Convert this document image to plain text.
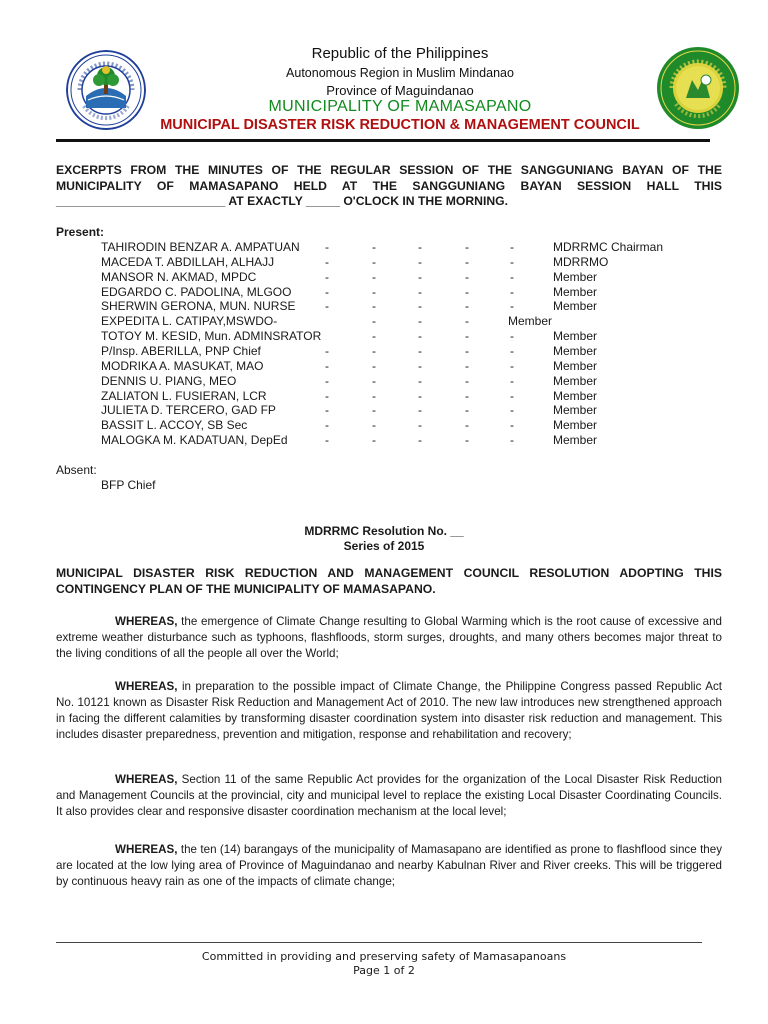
Republic of the Philippines
Autonomous Region in Muslim Mindanao
Province of Maguindanao
MUNICIPALITY OF MAMASAPANO
MUNICIPAL DISASTER RISK REDUCTION & MANAGEMENT COUNCIL
EXCERPTS FROM THE MINUTES OF THE REGULAR SESSION OF THE SANGGUNIANG BAYAN OF THE MUNICIPALITY OF MAMASAPANO HELD AT THE SANGGUNIANG BAYAN SESSION HALL THIS _________________________ AT EXACTLY _____ O'CLOCK IN THE MORNING.
Present:
TAHIRODIN BENZAR A. AMPATUAN -	-	-	-	-	MDRRMC Chairman
MACEDA T. ABDILLAH, ALHAJJ	-	-	-	-	-	MDRRMO
MANSOR N. AKMAD, MPDC	-	-	-	-	-	Member
EDGARDO C. PADOLINA, MLGOO	-	-	-	-	-	Member
SHERWIN GERONA, MUN. NURSE -	-	-	-	-	Member
EXPEDITA L. CATIPAY,MSWDO-	-	-	-	Member
TOTOY M. KESID, Mun. ADMINSRATOR	-	-	-	-	Member
P/Insp. ABERILLA, PNP Chief	-	-	-	-	-	Member
MODRIKA A. MASUKAT, MAO	-	-	-	-	-	Member
DENNIS U. PIANG, MEO	-	-	-	-	-	Member
ZALIATON L. FUSIERAN, LCR	-	-	-	-	-	Member
JULIETA D. TERCERO, GAD FP	-	-	-	-	-	Member
BASSIT L. ACCOY, SB Sec	-	-	-	-	-	Member
MALOGKA M. KADATUAN, DepEd	-	-	-	-	-	Member
Absent:
BFP Chief
MDRRMC Resolution No. __
Series of 2015
MUNICIPAL DISASTER RISK REDUCTION AND MANAGEMENT COUNCIL RESOLUTION ADOPTING THIS CONTINGENCY PLAN OF THE MUNICIPALITY OF MAMASAPANO.
WHEREAS, the emergence of Climate Change resulting to Global Warming which is the root cause of excessive and extreme weather disturbance such as typhoons, flashfloods, storm surges, droughts, and many others becomes major threat to the living conditions of all the people all over the World;
WHEREAS, in preparation to the possible impact of Climate Change, the Philippine Congress passed Republic Act No. 10121 known as Disaster Risk Reduction and Management Act of 2010. The new law introduces new strengthened approach in facing the different calamities by transforming disaster coordination system into disaster risk reduction and management. This includes disaster preparedness, prevention and mitigation, response and rehabilitation and recovery;
WHEREAS, Section 11 of the same Republic Act provides for the organization of the Local Disaster Risk Reduction and Management Councils at the provincial, city and municipal level to replace the existing Local Disaster Coordinating Councils. It also provides clear and responsive disaster coordination mechanism at the local level;
WHEREAS, the ten (14) barangays of the municipality of Mamasapano are identified as prone to flashflood since they are located at the low lying area of Province of Maguindanao and nearby Kabulnan River and River creeks. This will be triggered by continuous heavy rain as one of the impacts of climate change;
Committed in providing and preserving safety of Mamasapanoans
Page 1 of 2
